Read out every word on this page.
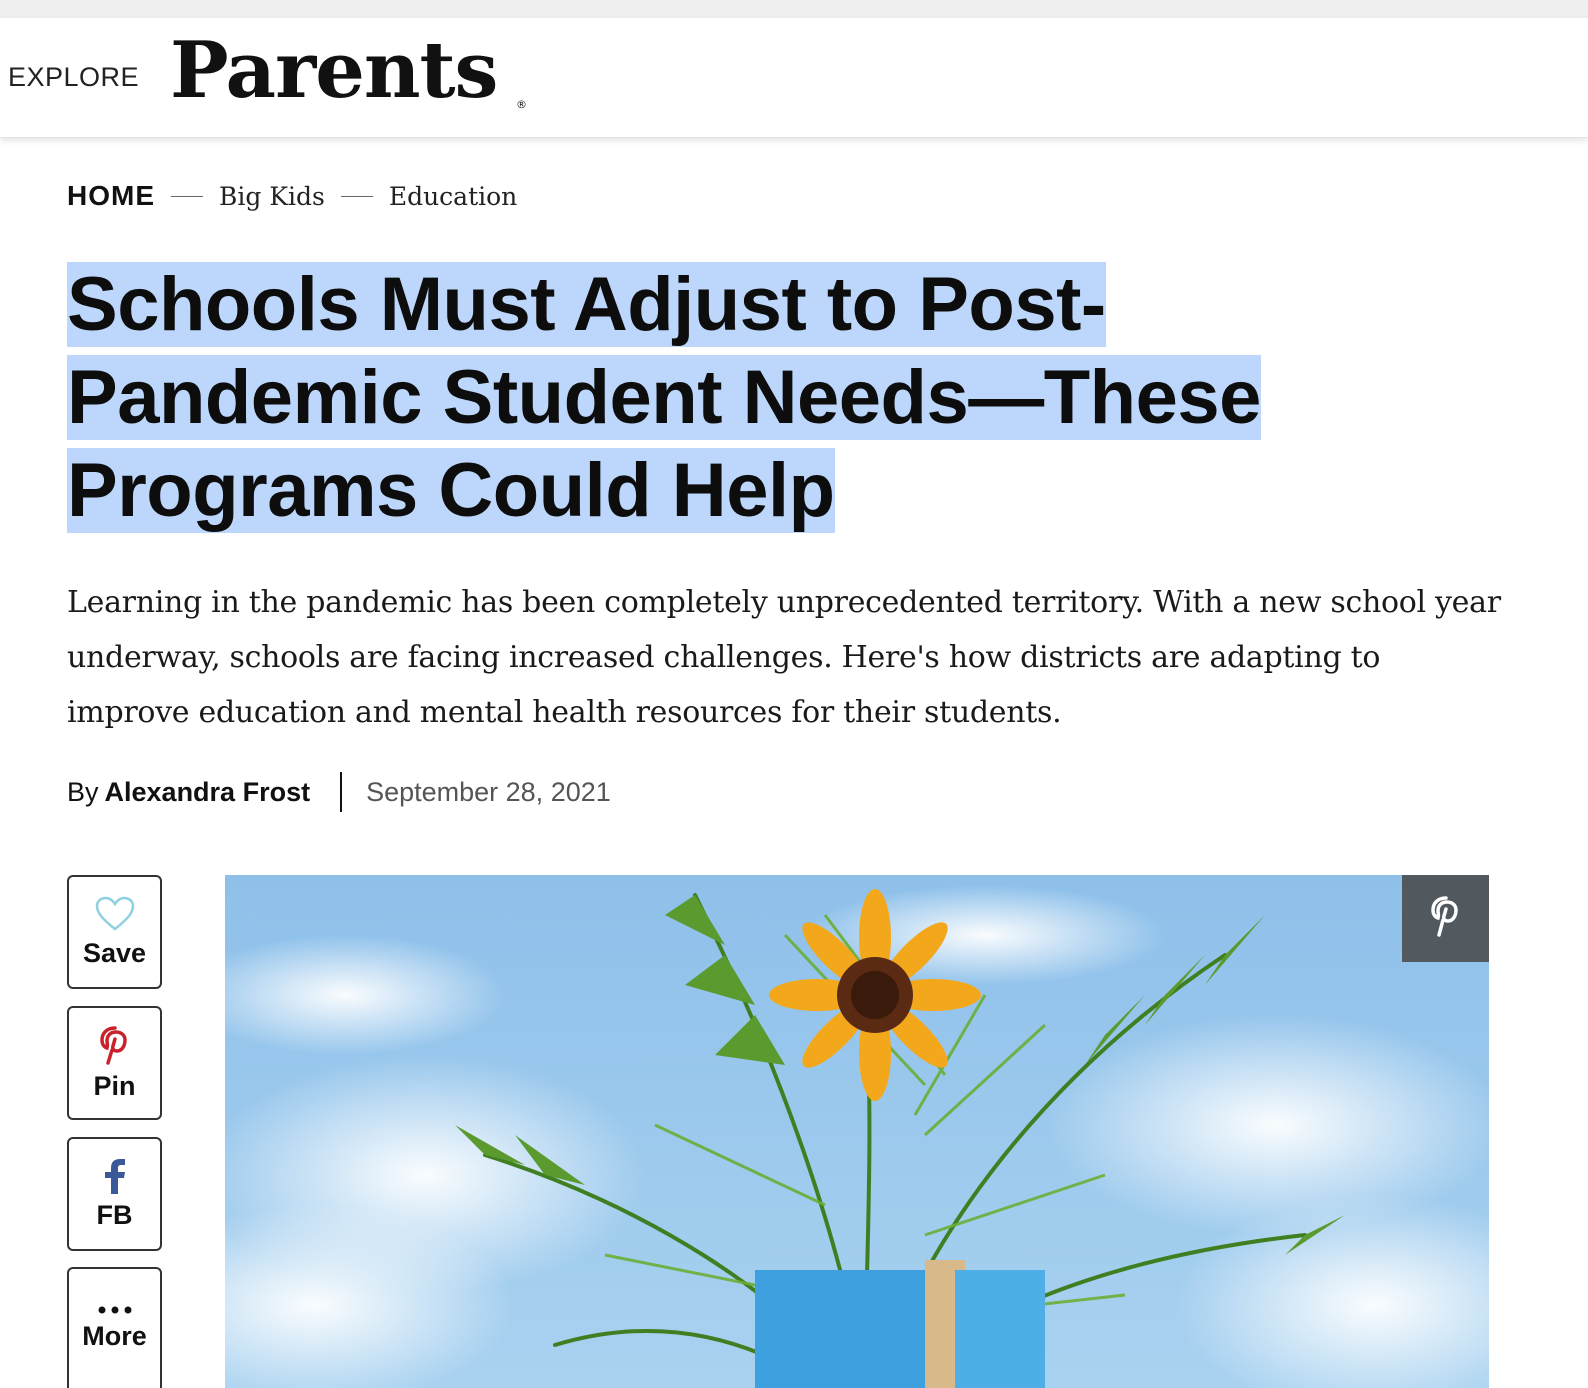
EXPLORE Parents ®
HOME	Big Kids	Education
Schools Must Adjust to Post-
Pandemic Student Needs—These
Programs Could Help

Learning in the pandemic has been completely unprecedented territory. With a new school year underway, schools are facing increased challenges. Here's how districts are adapting to improve education and mental health resources for their students.

By Alexandra Frost September 28, 2021
Save
Pin
FB
More
